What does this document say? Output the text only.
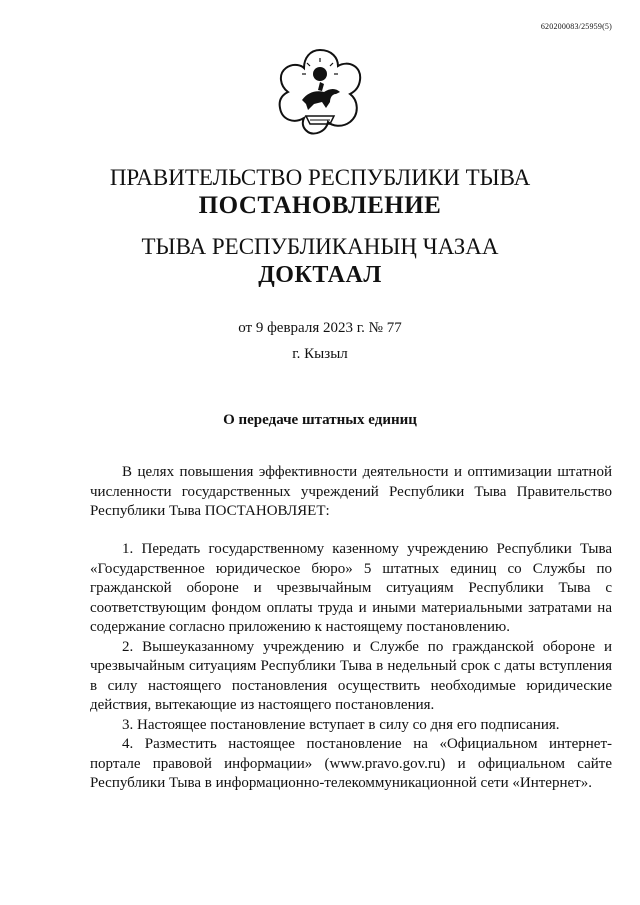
620200083/25959(5)
ПРАВИТЕЛЬСТВО РЕСПУБЛИКИ ТЫВА
ПОСТАНОВЛЕНИЕ
ТЫВА РЕСПУБЛИКАНЫҢ ЧАЗАА
ДОКТААЛ
от 9 февраля 2023 г. № 77
г. Кызыл
О передаче штатных единиц

В целях повышения эффективности деятельности и оптимизации штатной численности государственных учреждений Республики Тыва Правительство Республики Тыва ПОСТАНОВЛЯЕТ:

1. Передать государственному казенному учреждению Республики Тыва «Государственное юридическое бюро» 5 штатных единиц со Службы по гражданской обороне и чрезвычайным ситуациям Республики Тыва с соответствующим фондом оплаты труда и иными материальными затратами на содержание согласно приложению к настоящему постановлению.

2. Вышеуказанному учреждению и Службе по гражданской обороне и чрезвычайным ситуациям Республики Тыва в недельный срок с даты вступления в силу настоящего постановления осуществить необходимые юридические действия, вытекающие из настоящего постановления.

3. Настоящее постановление вступает в силу со дня его подписания.

4. Разместить настоящее постановление на «Официальном интернет-портале правовой информации» (www.pravo.gov.ru) и официальном сайте Республики Тыва в информационно-телекоммуникационной сети «Интернет».
